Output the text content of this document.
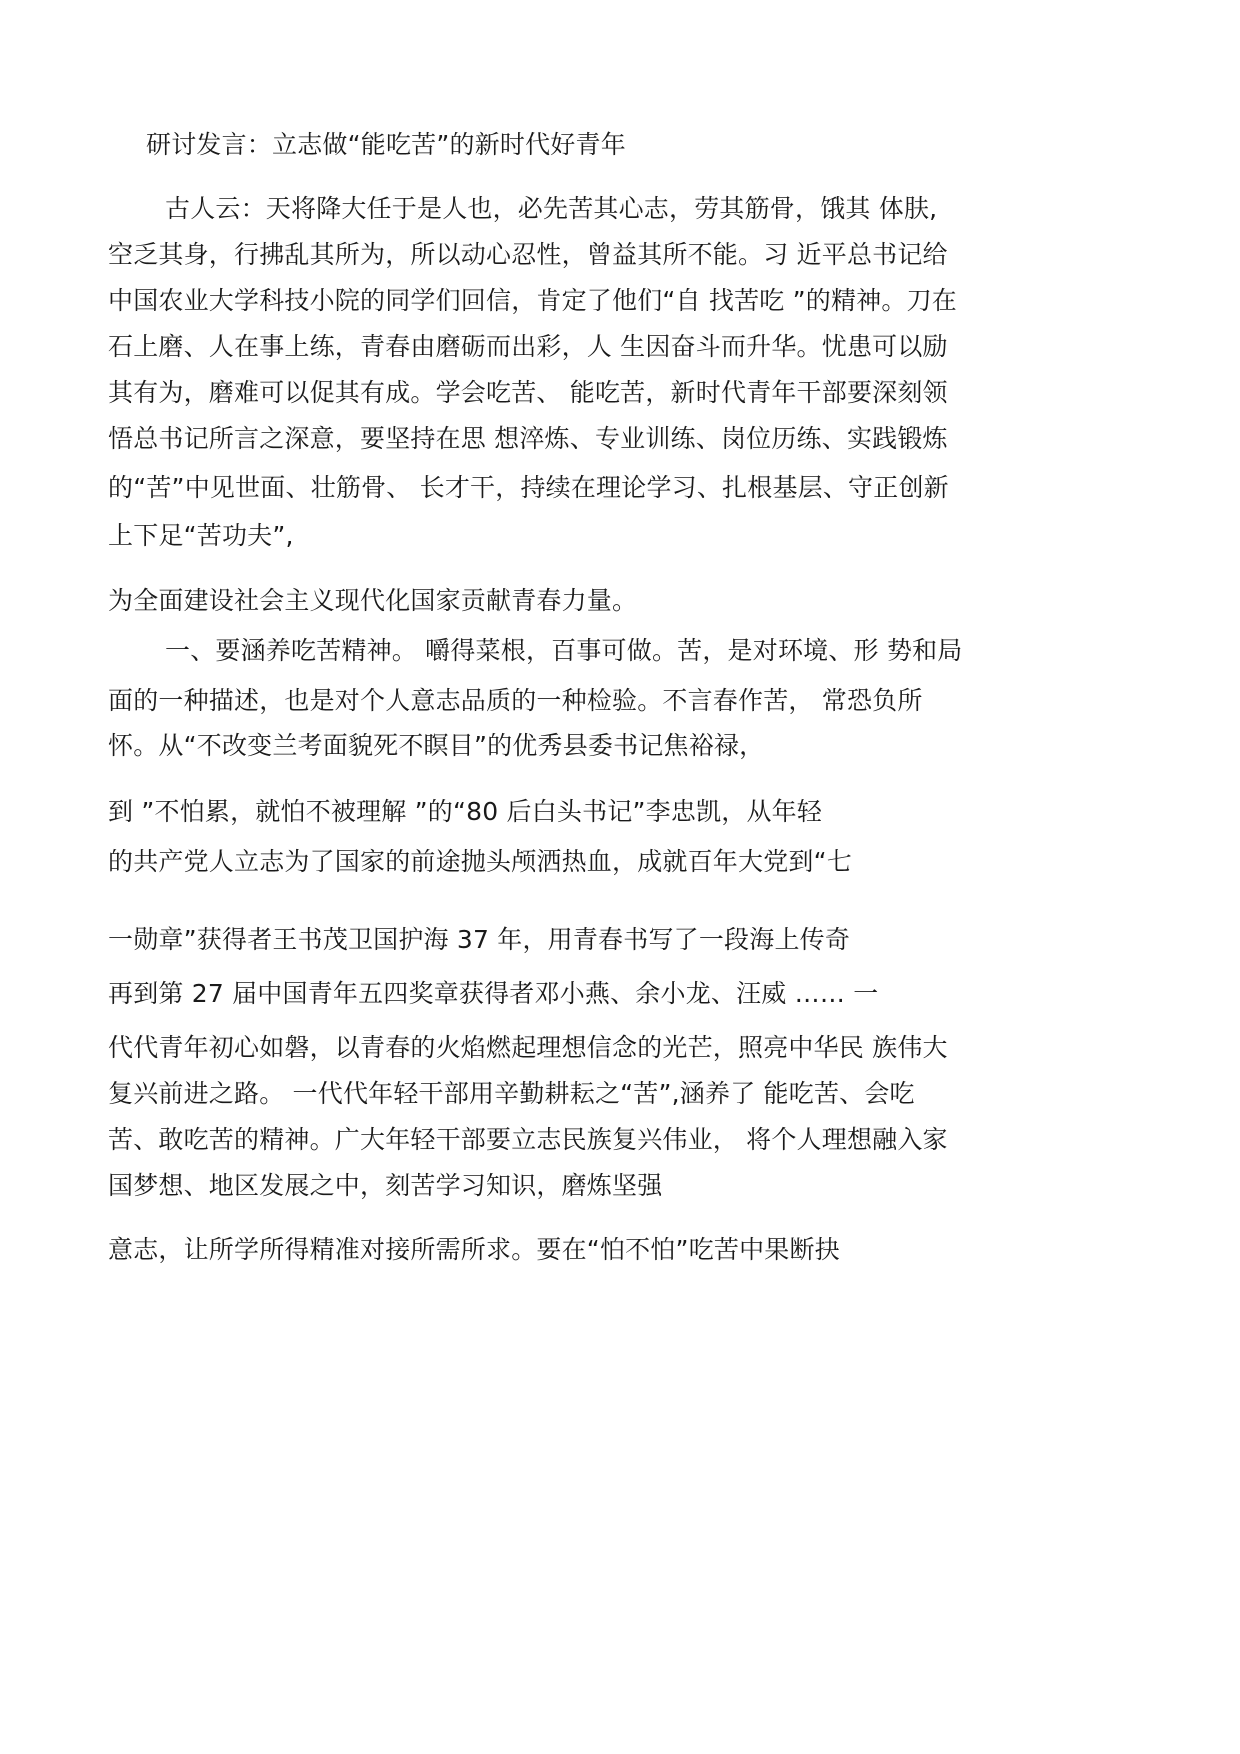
研讨发言：立志做“能吃苦”的新时代好青年
古人云：天将降大任于是人也，必先苦其心志，劳其筋骨，饿其 体肤,
空乏其身，行拂乱其所为，所以动心忍性，曾益其所不能。习 近平总书记给
中国农业大学科技小院的同学们回信，肯定了他们“自 找苦吃 ”的精神。刀在
石上磨、人在事上练，青春由磨砺而出彩，人 生因奋斗而升华。忧患可以励
其有为，磨难可以促其有成。学会吃苦、 能吃苦，新时代青年干部要深刻领
悟总书记所言之深意，要坚持在思 想淬炼、专业训练、岗位历练、实践锻炼
的“苦”中见世面、壮筋骨、 长才干，持续在理论学习、扎根基层、守正创新
上下足“苦功夫”,
为全面建设社会主义现代化国家贡献青春力量。
一、要涵养吃苦精神。 嚼得菜根，百事可做。苦，是对环境、形 势和局
面的一种描述，也是对个人意志品质的一种检验。不言春作苦， 常恐负所
怀。从“不改变兰考面貌死不瞑目”的优秀县委书记焦裕禄，
到 ”不怕累，就怕不被理解 ”的“80 后白头书记”李忠凯，从年轻
的共产党人立志为了国家的前途抛头颅洒热血，成就百年大党到“七
一勋章”获得者王书茂卫国护海 37 年，用青春书写了一段海上传奇
再到第 27 届中国青年五四奖章获得者邓小燕、余小龙、汪威 …… 一
代代青年初心如磐，以青春的火焰燃起理想信念的光芒，照亮中华民 族伟大
复兴前进之路。 一代代年轻干部用辛勤耕耘之“苦”,涵养了 能吃苦、会吃
苦、敢吃苦的精神。广大年轻干部要立志民族复兴伟业， 将个人理想融入家
国梦想、地区发展之中，刻苦学习知识，磨炼坚强
意志，让所学所得精准对接所需所求。要在“怕不怕”吃苦中果断抉
